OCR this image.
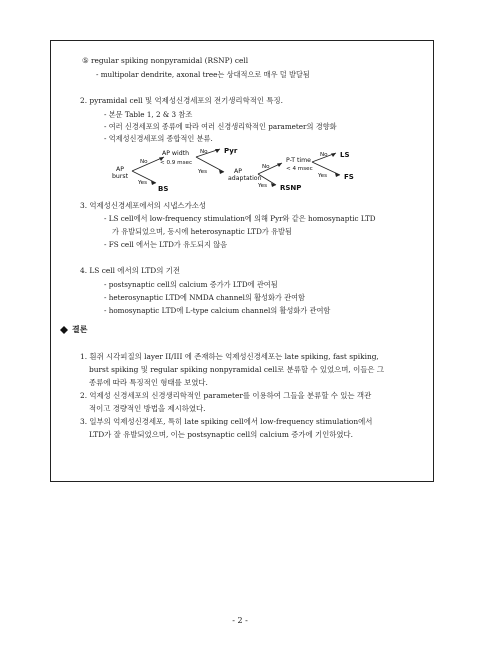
⑤ regular spiking nonpyramidal (RSNP) cell
- multipolar dendrite, axonal tree는 상대적으로 매우 덜 발달됨
2. pyramidal cell 및 억제성신경세포의 전기생리학적인 특징.
- 본문 Table 1, 2 & 3 참조
- 여러 신경세포의 종류에 따라 여러 신경생리학적인 parameter의 경향화
- 억제성신경세포의 종합적인 분류.
AP
burst
No
Yes
AP width
< 0.9 msec
BS
No Pyr
Yes	AP
adaptation
No
Yes RSNP
P-T time
< 4 msec
No LS
Yes FS
3. 억제성신경세포에서의 시냅스가소성
- LS cell에서 low-frequency stimulation에 의해 Pyr와 같은 homosynaptic LTD
가 유발되었으며, 동시에 heterosynaptic LTD가 유발됨
- FS cell 에서는 LTD가 유도되지 않음
4. LS cell 에서의 LTD의 기전
- postsynaptic cell의 calcium 증가가 LTD에 관여됨
- heterosynaptic LTD에 NMDA channel의 활성화가 관여함
- homosynaptic LTD에 L-type calcium channel의 활성화가 관여함
결론
1. 흰쥐 시각피질의 layer II/III 에 존재하는 억제성신경세포는 late spiking, fast spiking,
burst spiking 및 regular spiking nonpyramidal cell로 분류할 수 있었으며, 이들은 그
종류에 따라 특징적인 형태를 보였다.
2. 억제성 신경세포의 신경생리학적인 parameter를 이용하여 그들을 분류할 수 있는 객관
적이고 경량적인 방법을 제시하였다.
3. 일부의 억제성신경세포, 특히 late spiking cell에서 low-frequency stimulation에서
LTD가 잘 유발되었으며, 이는 postsynaptic cell의 calcium 증가에 기인하였다.
- 2 -
